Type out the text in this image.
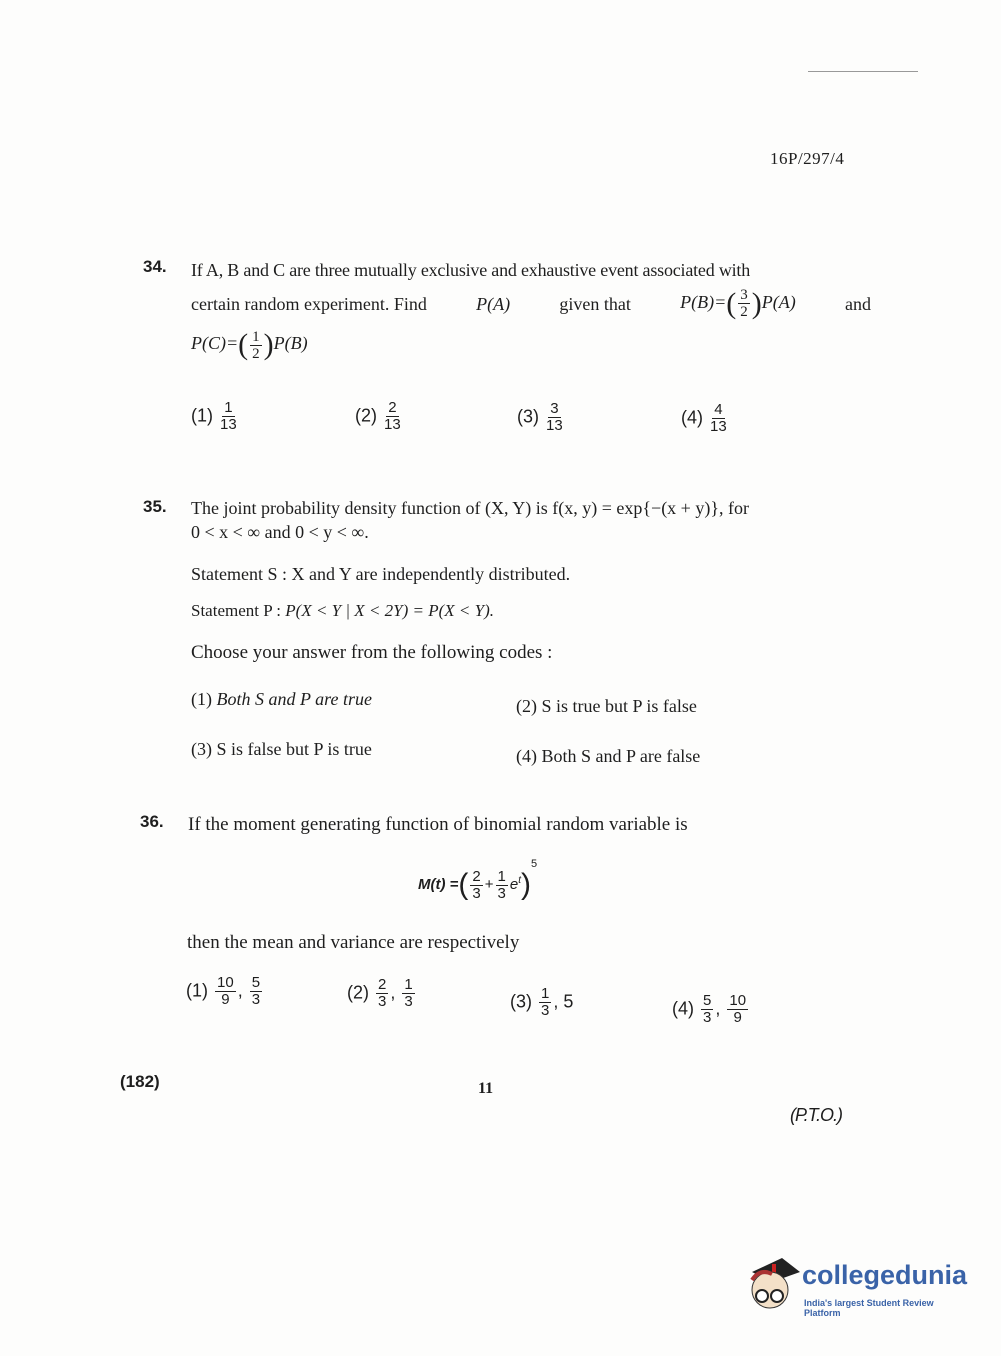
16P/297/4
34. If A, B and C are three mutually exclusive and exhaustive event associated with
certain random experiment. Find	P(A)	given that	$P(B)=( \frac{3}{2} )P(A)$	and
$P(C)=( \frac{1}{2} )P(B)$
$(1) \frac{1}{13}$	$(2) \frac{2}{13}$	$(3) \frac{3}{13}$	$(4) \frac{4}{13}$
35. The joint probability density function of (X, Y) is f(x, y) = exp{−(x + y)}, for
0 < x < ∞ and 0 < y < ∞.
Statement S : X and Y are independently distributed.
Statement P : P(X < Y | X < 2Y) = P(X < Y).
Choose your answer from the following codes :
(1) Both S and P are true	(2) S is true but P is false
(3) S is false but P is true	(4) Both S and P are false
36. If the moment generating function of binomial random variable is
M(t) =( $\frac{2}{3} + \frac{1}{3} e^t)^5$
then the mean and variance are respectively
$(1) \frac{10}{9}$ , $\frac{5}{3}$	$(2) \frac{2}{3}$ , $\frac{1}{3}$	$(3) \frac{1}{3}$ , 5	$(4) \frac{5}{3}$ , $\frac{10}{9}$
(182)	11
(P.T.O.)
collegedunia
India's largest Student Review Platform
